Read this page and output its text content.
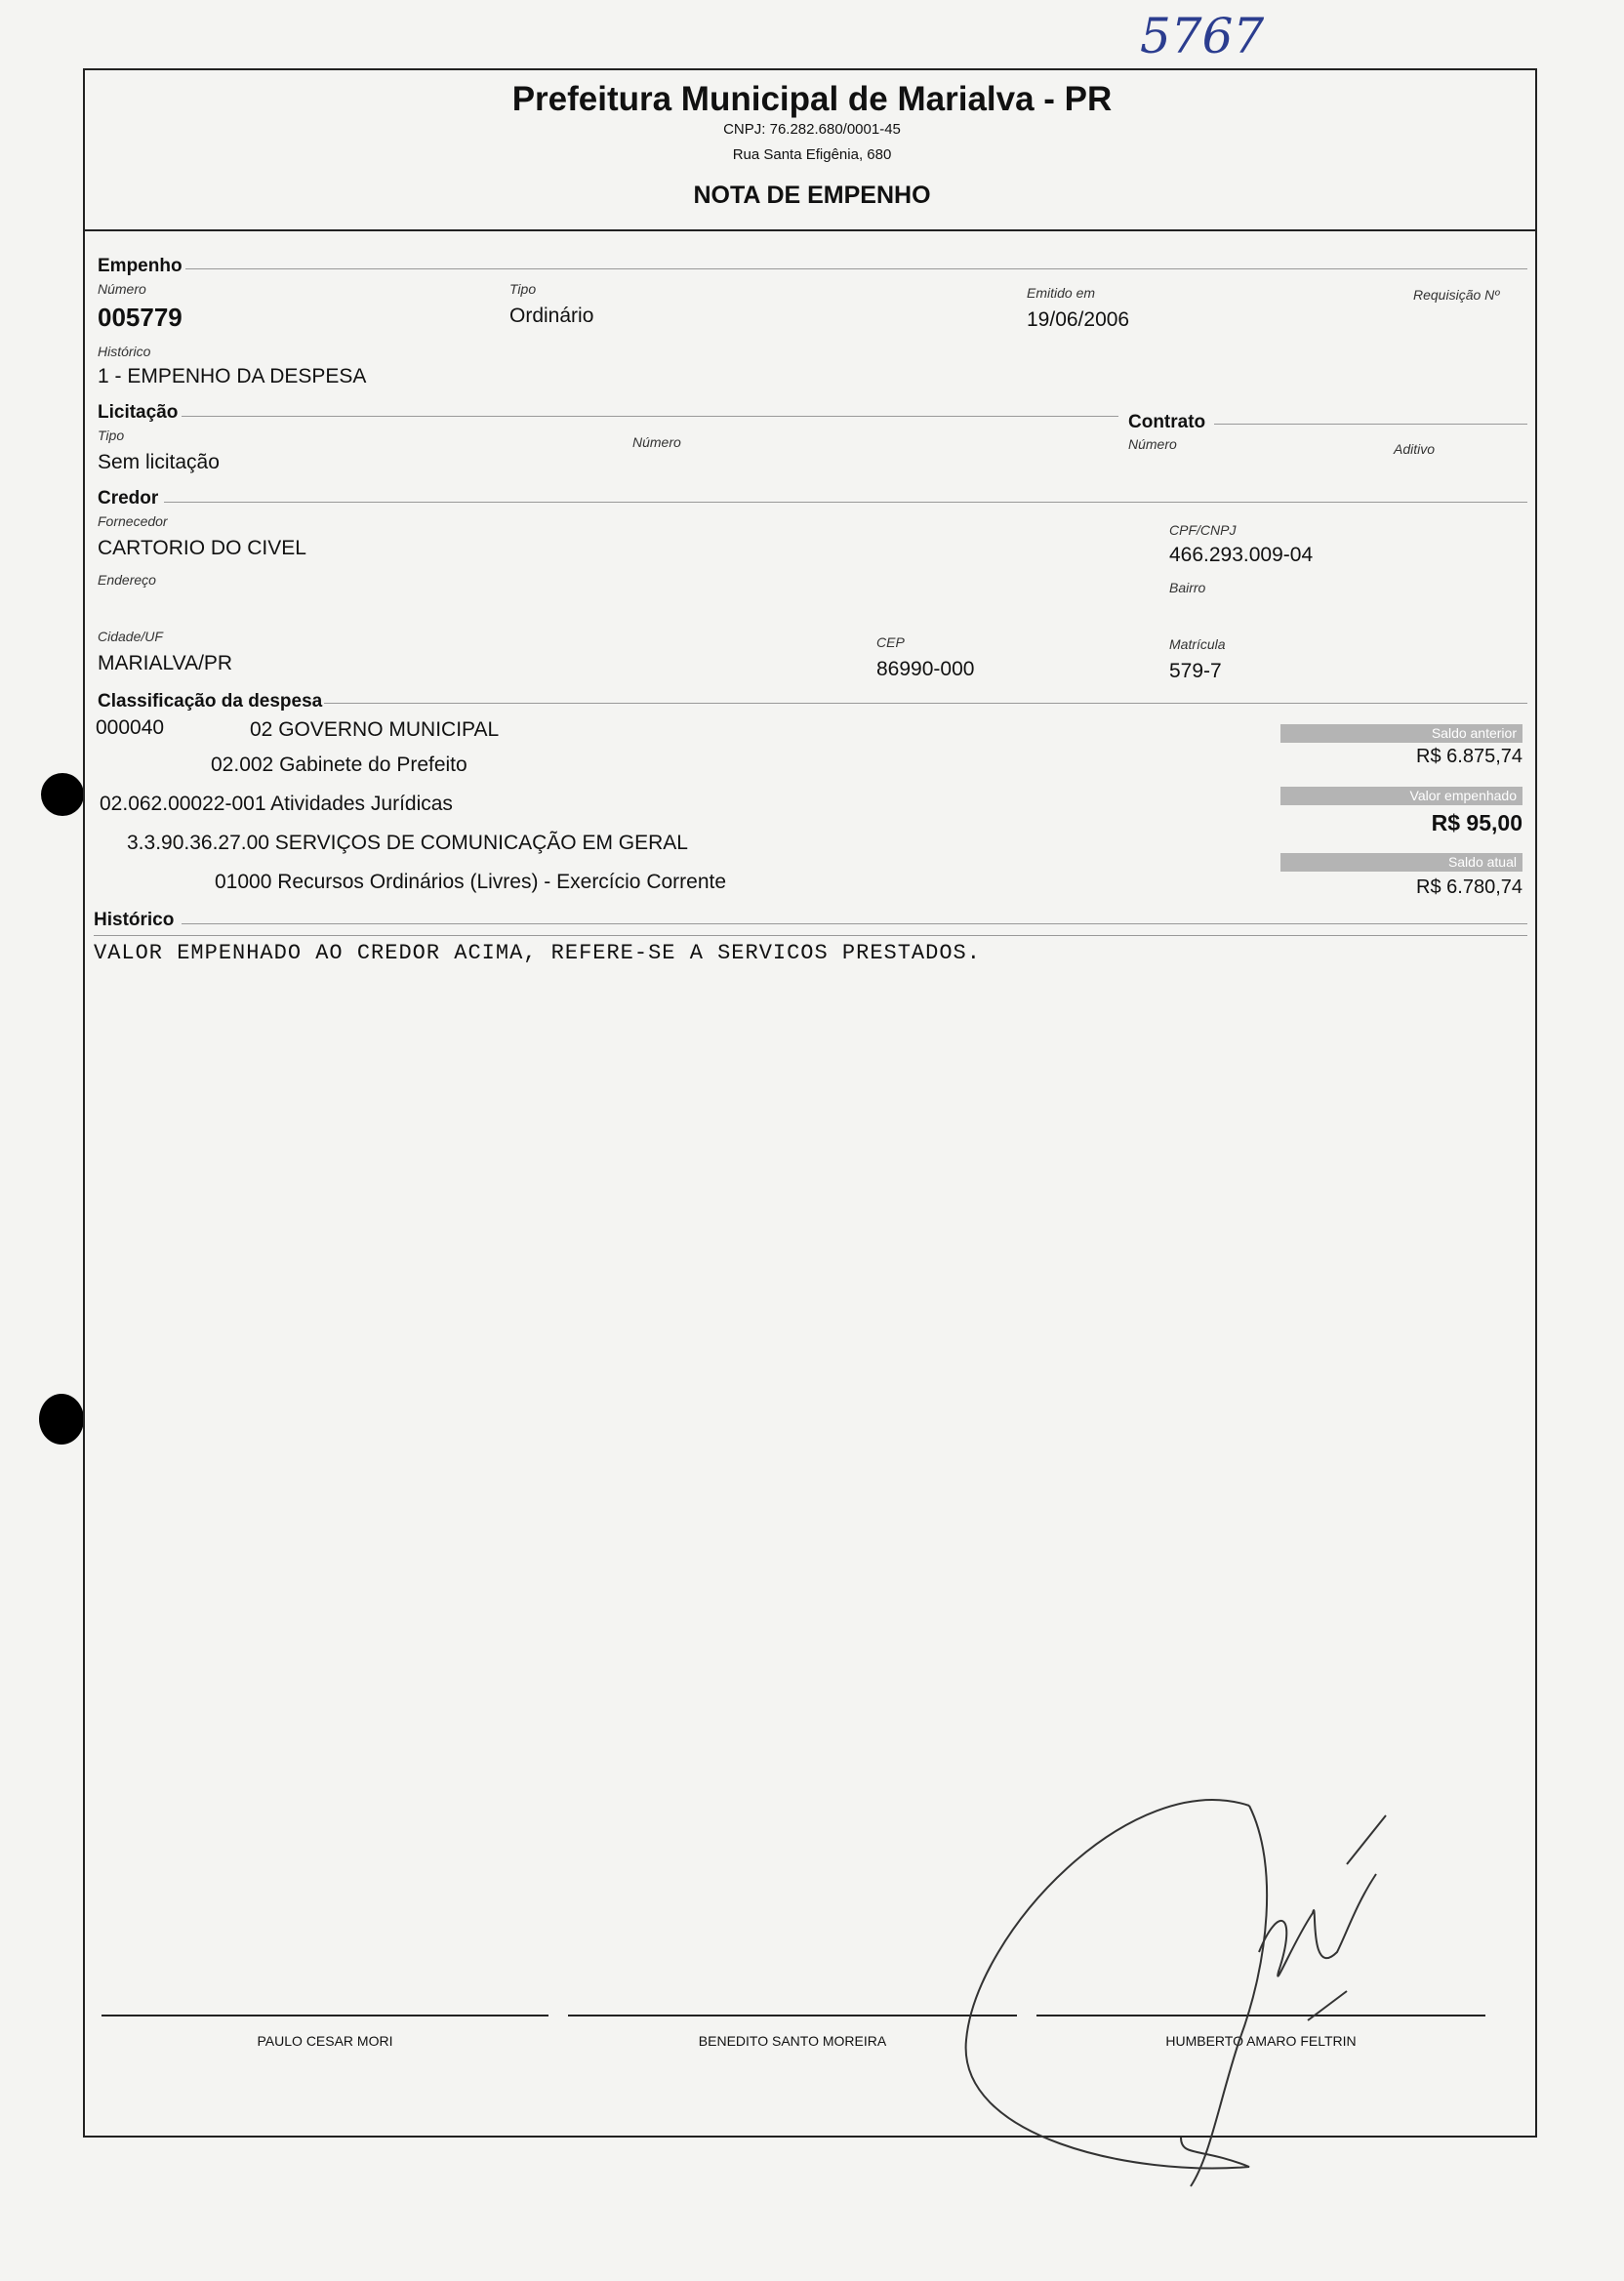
5767
Prefeitura Municipal de Marialva - PR
CNPJ: 76.282.680/0001-45
Rua Santa Efigênia, 680
NOTA DE EMPENHO
Empenho
Número
005779
Tipo
Ordinário
Emitido em
19/06/2006
Requisição Nº
Histórico
1 - EMPENHO DA DESPESA
Licitação	Contrato
Tipo
Sem licitação
Número	Número	Aditivo
Credor
Fornecedor
CARTORIO DO CIVEL
CPF/CNPJ
466.293.009-04
Endereço	Bairro
Cidade/UF
MARIALVA/PR
CEP
86990-000
Matrícula
579-7
Classificação da despesa
000040	02 GOVERNO MUNICIPAL
02.002 Gabinete do Prefeito
02.062.00022-001 Atividades Jurídicas
3.3.90.36.27.00 SERVIÇOS DE COMUNICAÇÃO EM GERAL
01000 Recursos Ordinários (Livres) - Exercício Corrente
Saldo anterior
R$ 6.875,74
Valor empenhado
R$ 95,00
Saldo atual
R$ 6.780,74
Histórico
VALOR EMPENHADO AO CREDOR ACIMA, REFERE-SE A SERVICOS PRESTADOS.
PAULO CESAR MORI	BENEDITO SANTO MOREIRA	HUMBERTO AMARO FELTRIN
